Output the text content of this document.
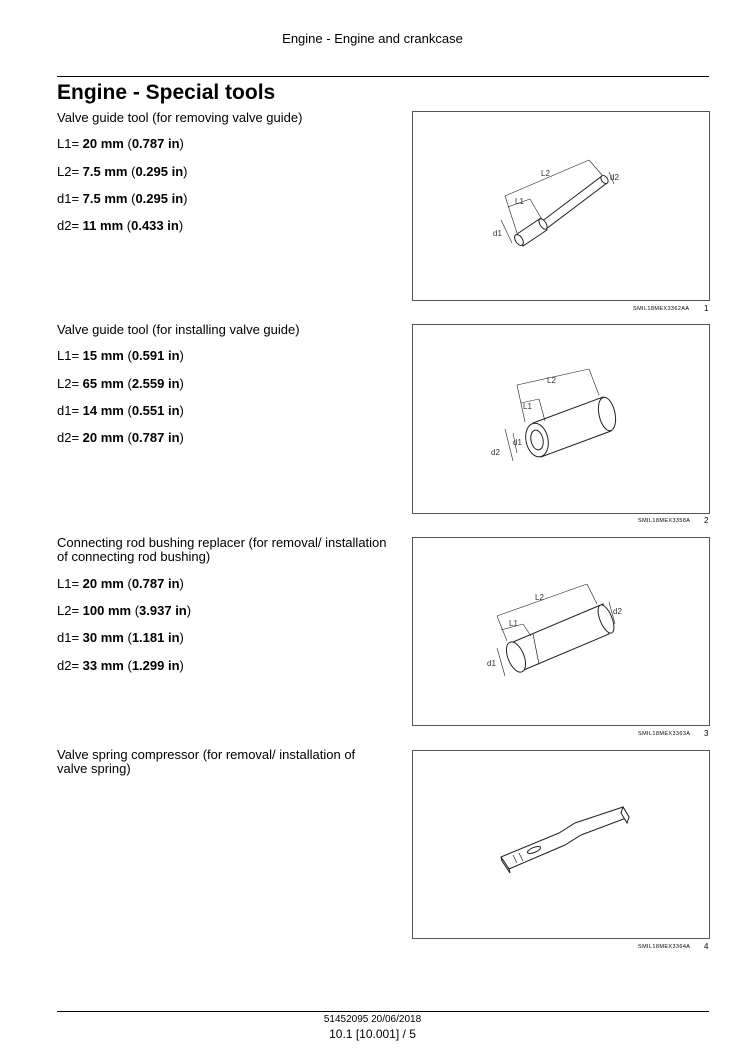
Engine - Engine and crankcase
Engine - Special tools

Valve guide tool (for removing valve guide)

L1= 20 mm (0.787 in)
L2= 7.5 mm (0.295 in)
d1= 7.5 mm (0.295 in)
d2= 11 mm (0.433 in)
L2
L1
d1
d2
SMIL18MEX3362AA 1

Valve guide tool (for installing valve guide)

L1= 15 mm (0.591 in)
L2= 65 mm (2.559 in)
d1= 14 mm (0.551 in)
d2= 20 mm (0.787 in)
L2
L1
d1
d2
SMIL18MEX3358A 2

Connecting rod bushing replacer (for removal/ installation of connecting rod bushing)

L1= 20 mm (0.787 in)
L2= 100 mm (3.937 in)
d1= 30 mm (1.181 in)
d2= 33 mm (1.299 in)
L2
L1
d1
d2
SMIL18MEX3363A 3

Valve spring compressor (for removal/ installation of valve spring)

SMIL18MEX3364A 4
51452095 20/06/2018
10.1 [10.001] / 5
